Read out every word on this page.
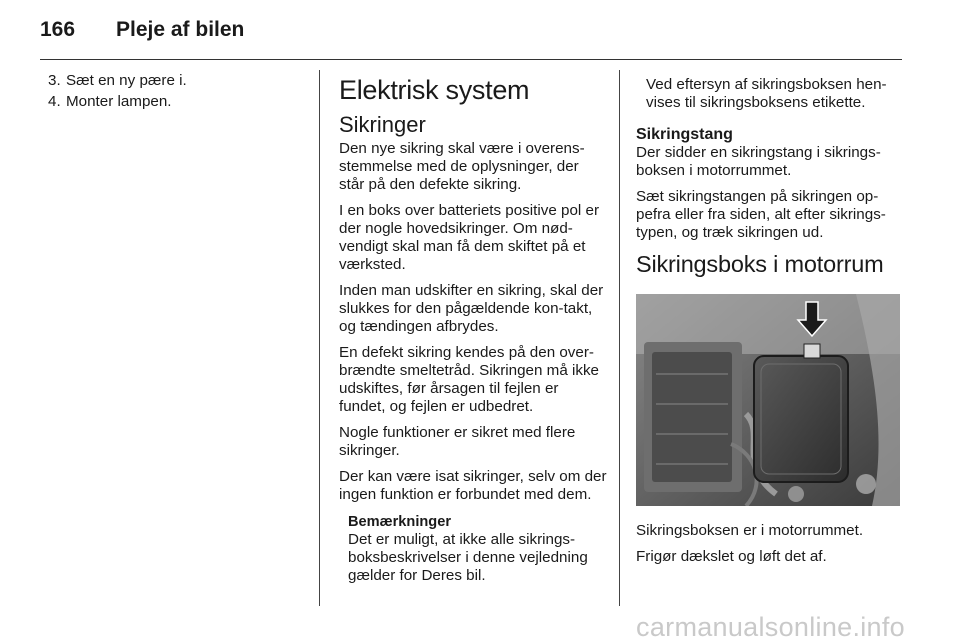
166 Pleje af bilen
3. Sæt en ny pære i.
4. Monter lampen.	Elektrisk system
Sikringer

Den nye sikring skal være i overens-stemmelse med de oplysninger, der står på den defekte sikring.

I en boks over batteriets positive pol er der nogle hovedsikringer. Om nød-vendigt skal man få dem skiftet på et værksted.

Inden man udskifter en sikring, skal der slukkes for den pågældende kon-takt, og tændingen afbrydes.

En defekt sikring kendes på den over-brændte smeltetråd. Sikringen må ikke udskiftes, før årsagen til fejlen er fundet, og fejlen er udbedret.

Nogle funktioner er sikret med flere sikringer.

Der kan være isat sikringer, selv om der ingen funktion er forbundet med dem.

Bemærkninger

Det er muligt, at ikke alle sikrings-boksbeskrivelser i denne vejledning gælder for Deres bil.

Ved eftersyn af sikringsboksen hen-vises til sikringsboksens etikette.

Sikringstang

Der sidder en sikringstang i sikrings-boksen i motorrummet.

Sæt sikringstangen på sikringen op-pefra eller fra siden, alt efter sikrings-typen, og træk sikringen ud.

Sikringsboks i motorrum

Sikringsboksen er i motorrummet.

Frigør dækslet og løft det af.

carmanualsonline.info
